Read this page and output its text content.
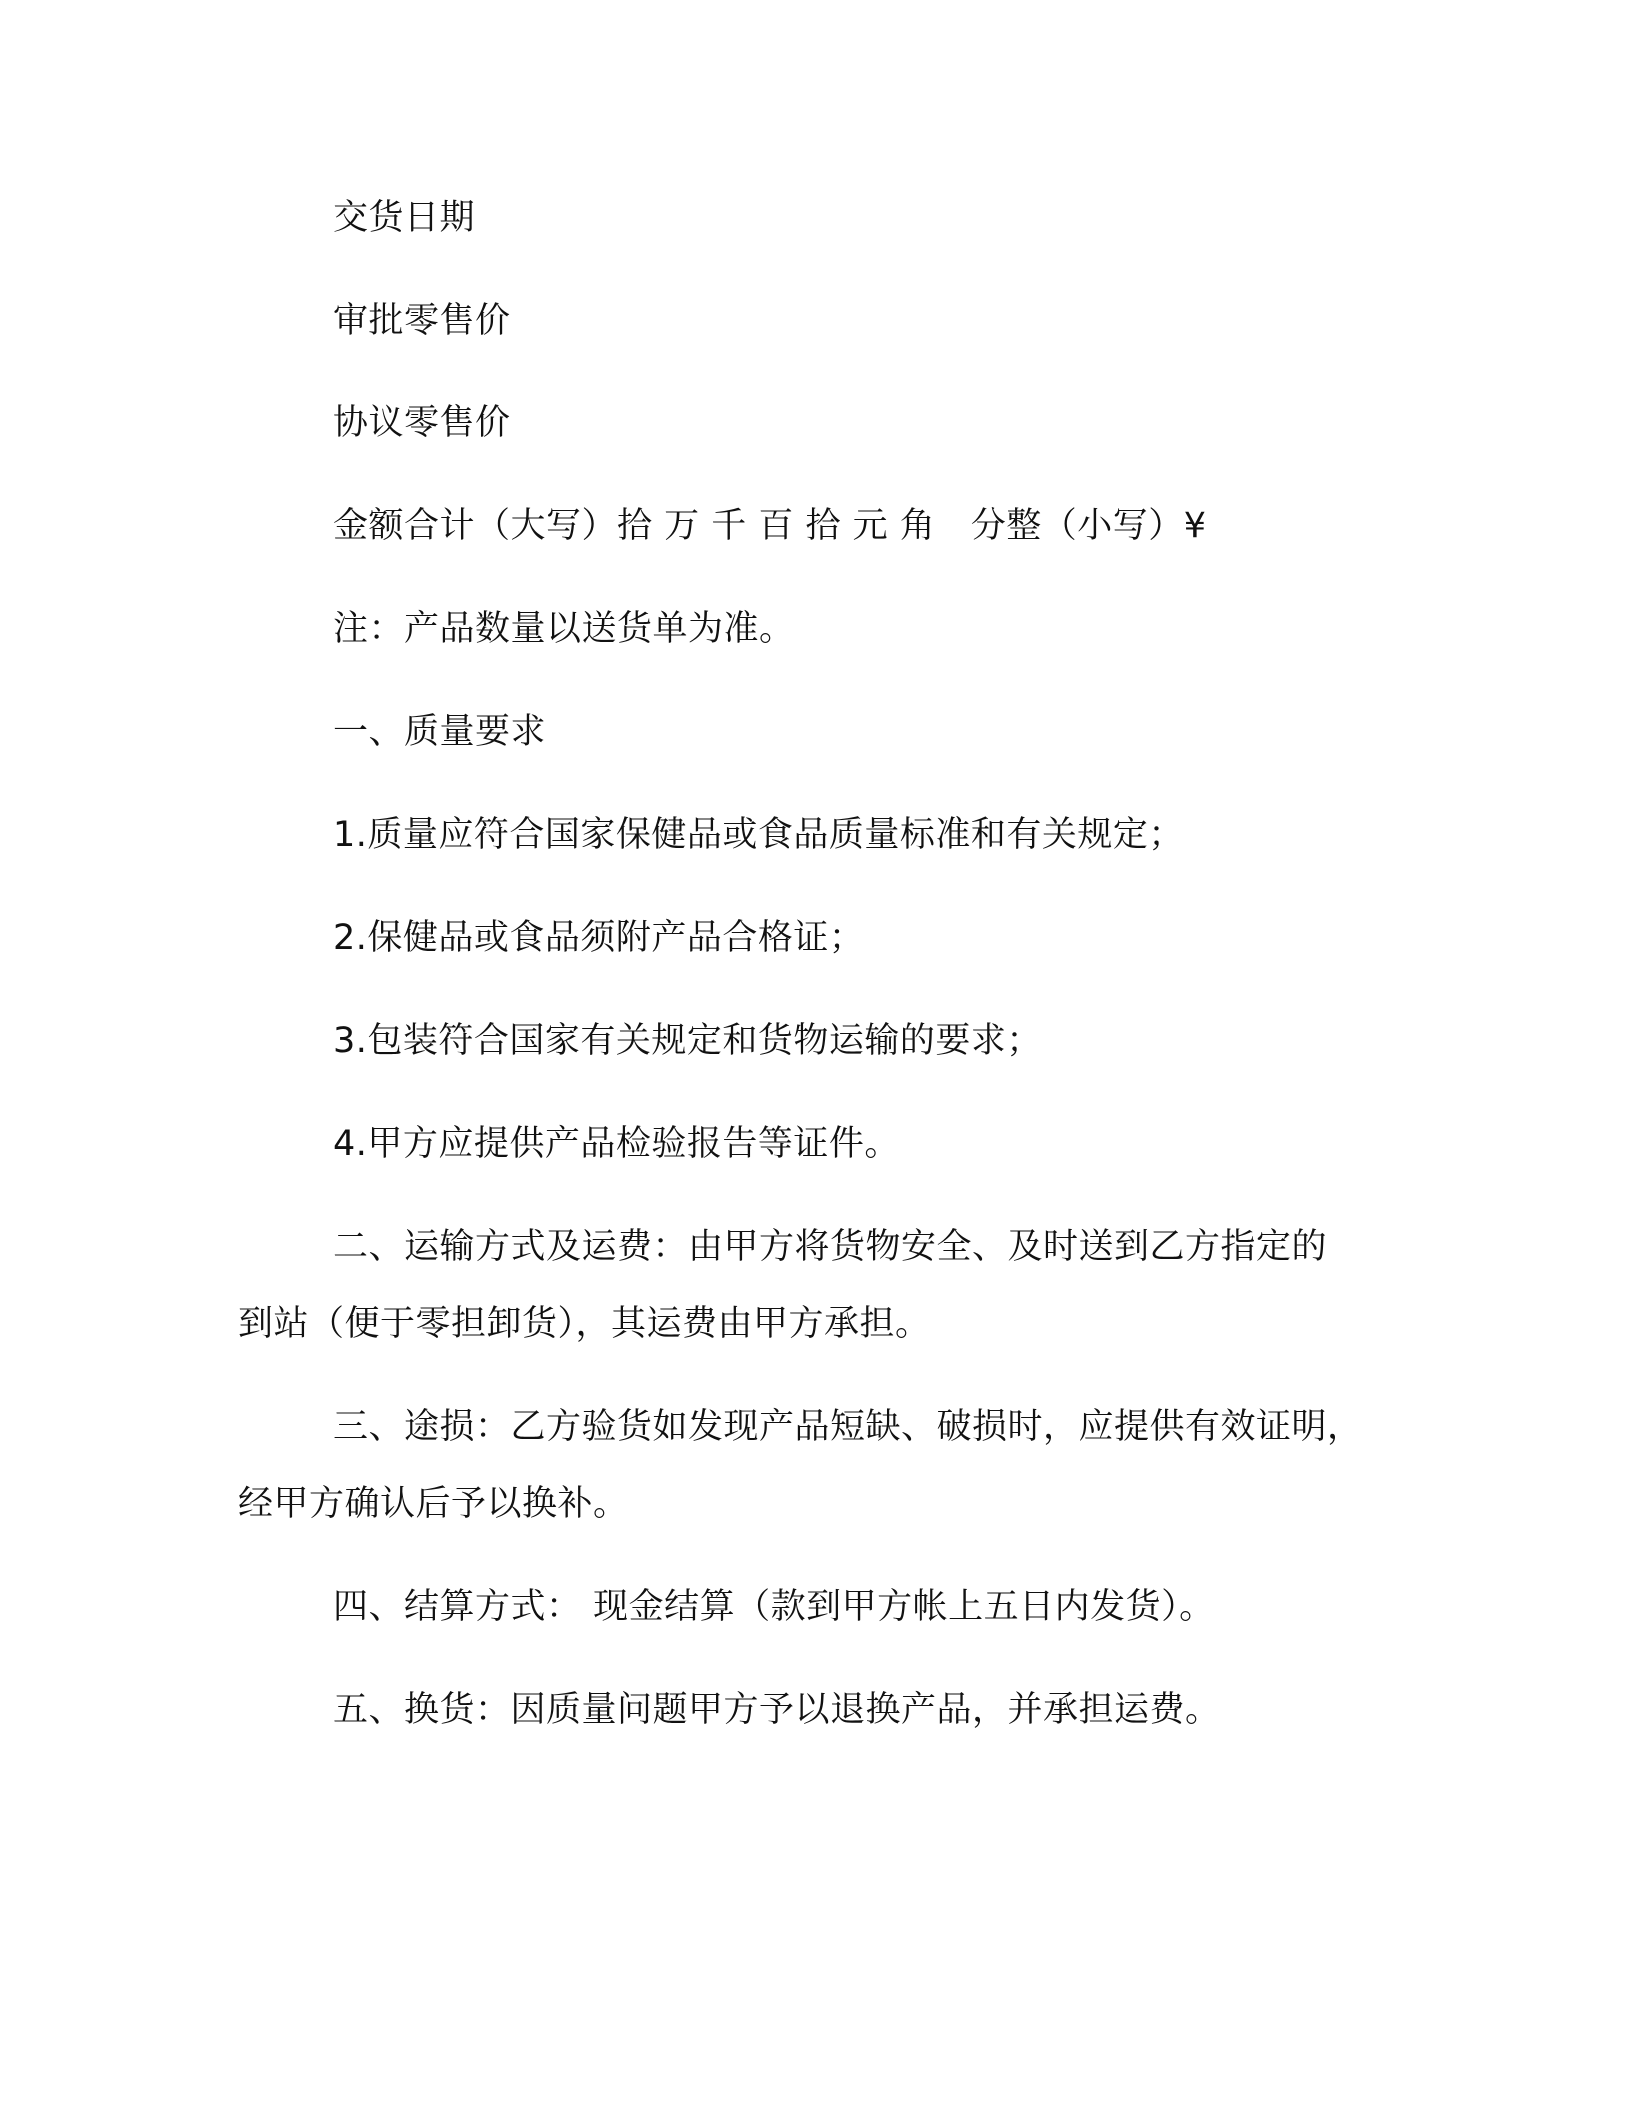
交货日期
审批零售价
协议零售价
金额合计（大写）拾 万 千 百 拾 元 角　分整（小写）¥
注：产品数量以送货单为准。
一、质量要求
1.质量应符合国家保健品或食品质量标准和有关规定；
2.保健品或食品须附产品合格证；
3.包装符合国家有关规定和货物运输的要求；
4.甲方应提供产品检验报告等证件。
二、运输方式及运费：由甲方将货物安全、及时送到乙方指定的
到站（便于零担卸货），其运费由甲方承担。
三、途损：乙方验货如发现产品短缺、破损时，应提供有效证明，
经甲方确认后予以换补。
四、结算方式： 现金结算（款到甲方帐上五日内发货）。
五、换货：因质量问题甲方予以退换产品，并承担运费。
